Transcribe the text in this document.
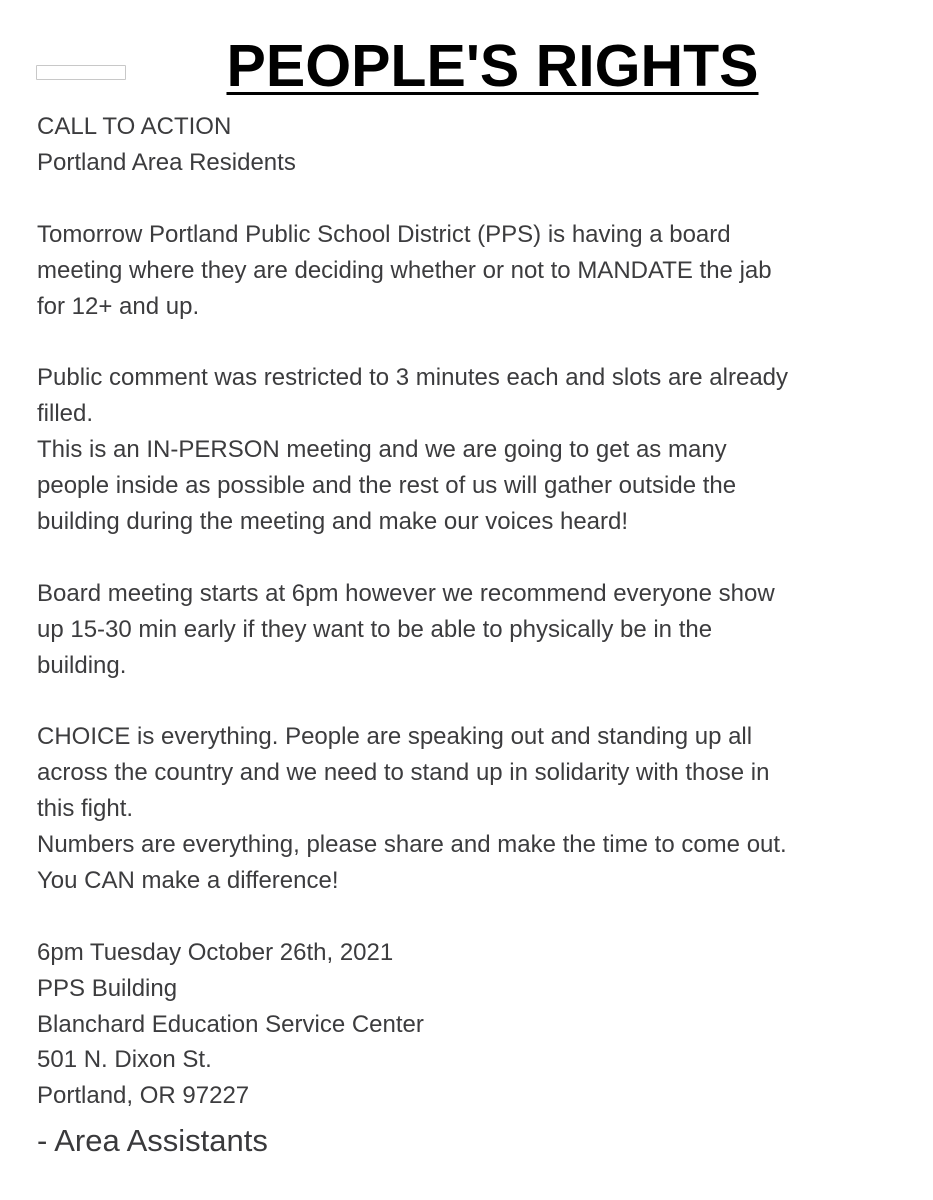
PEOPLE'S RIGHTS
CALL TO ACTION
Portland Area Residents
Tomorrow Portland Public School District (PPS) is having a board
meeting where they are deciding whether or not to MANDATE the jab
for 12+ and up.
Public comment was restricted to 3 minutes each and slots are already
filled.
This is an IN-PERSON meeting and we are going to get as many
people inside as possible and the rest of us will gather outside the
building during the meeting and make our voices heard!
Board meeting starts at 6pm however we recommend everyone show
up 15-30 min early if they want to be able to physically be in the
building.
CHOICE is everything. People are speaking out and standing up all
across the country and we need to stand up in solidarity with those in
this fight.
Numbers are everything, please share and make the time to come out.
You CAN make a difference!
6pm Tuesday October 26th, 2021
PPS Building
Blanchard Education Service Center
501 N. Dixon St.
Portland, OR 97227
- Area Assistants
